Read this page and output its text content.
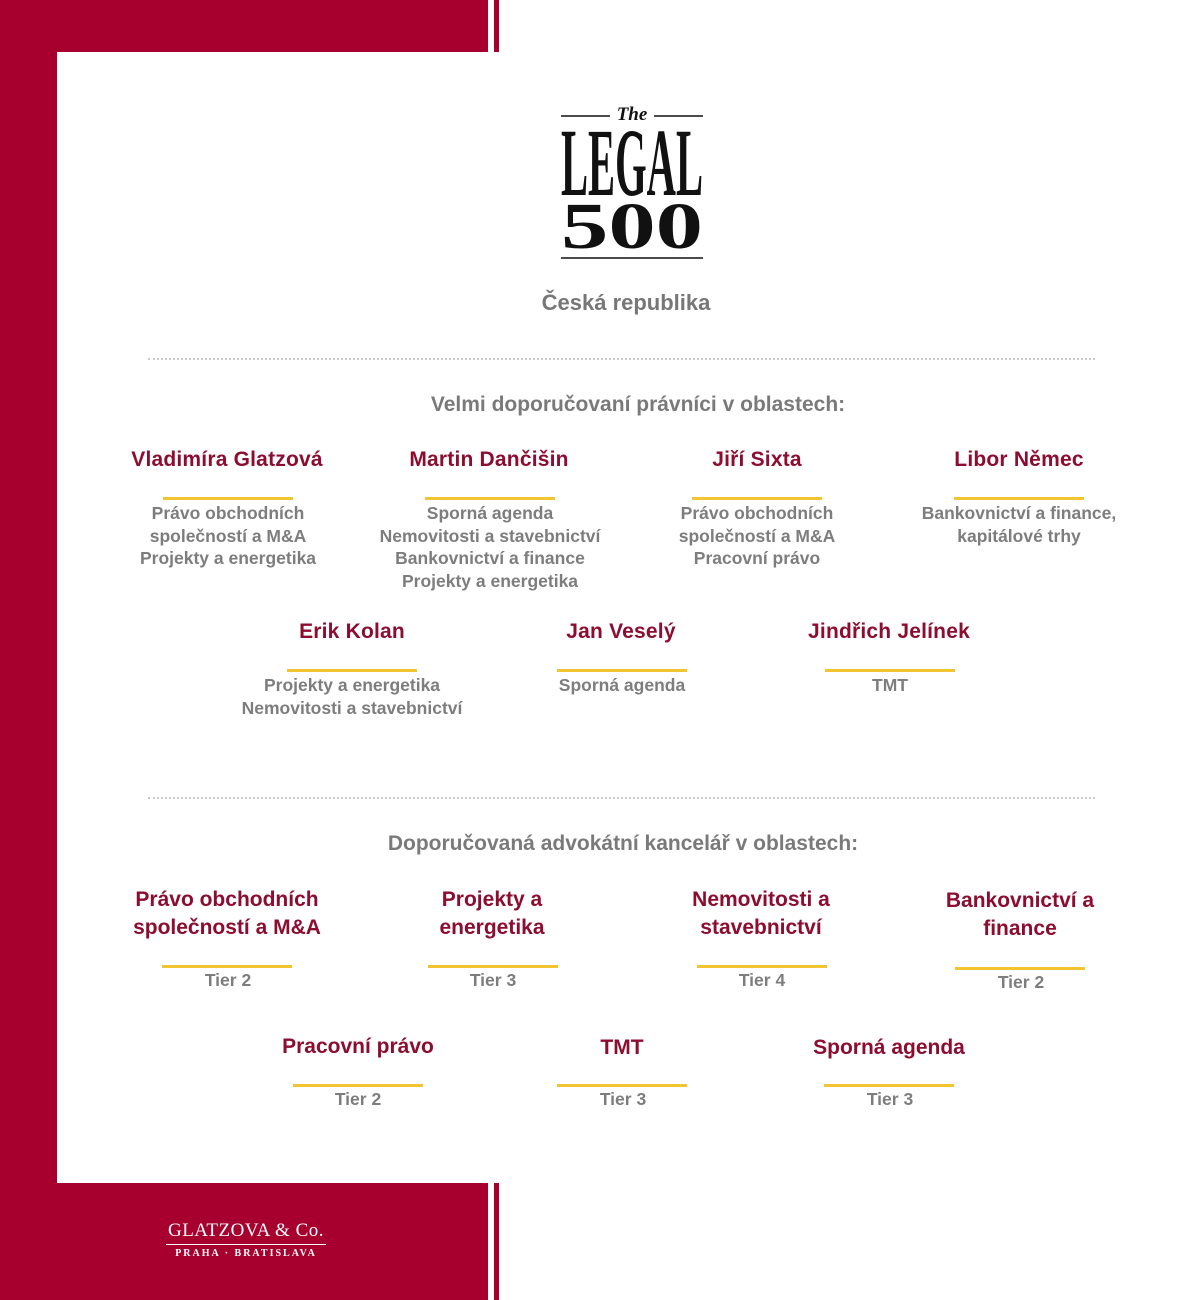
The
LEGAL
500
Česká republika
Velmi doporučovaní právníci v oblastech:
Vladimíra Glatzová
Právo obchodních
společností a M&A
Projekty a energetika
Martin Dančišin
Sporná agenda
Nemovitosti a stavebnictví
Bankovnictví a finance
Projekty a energetika
Jiří Sixta
Právo obchodních
společností a M&A
Pracovní právo
Libor Němec
Bankovnictví a finance,
kapitálové trhy
Erik Kolan
Projekty a energetika
Nemovitosti a stavebnictví
Jan Veselý
Sporná agenda
Jindřich Jelínek
TMT
Doporučovaná advokátní kancelář v oblastech:
Právo obchodních
společností a M&A
Tier 2
Projekty a
energetika
Tier 3
Nemovitosti a
stavebnictví
Tier 4
Bankovnictví a
finance
Tier 2
Pracovní právo
Tier 2
TMT
Tier 3
Sporná agenda
Tier 3
GLATZOVA & Co.
PRAHA · BRATISLAVA
